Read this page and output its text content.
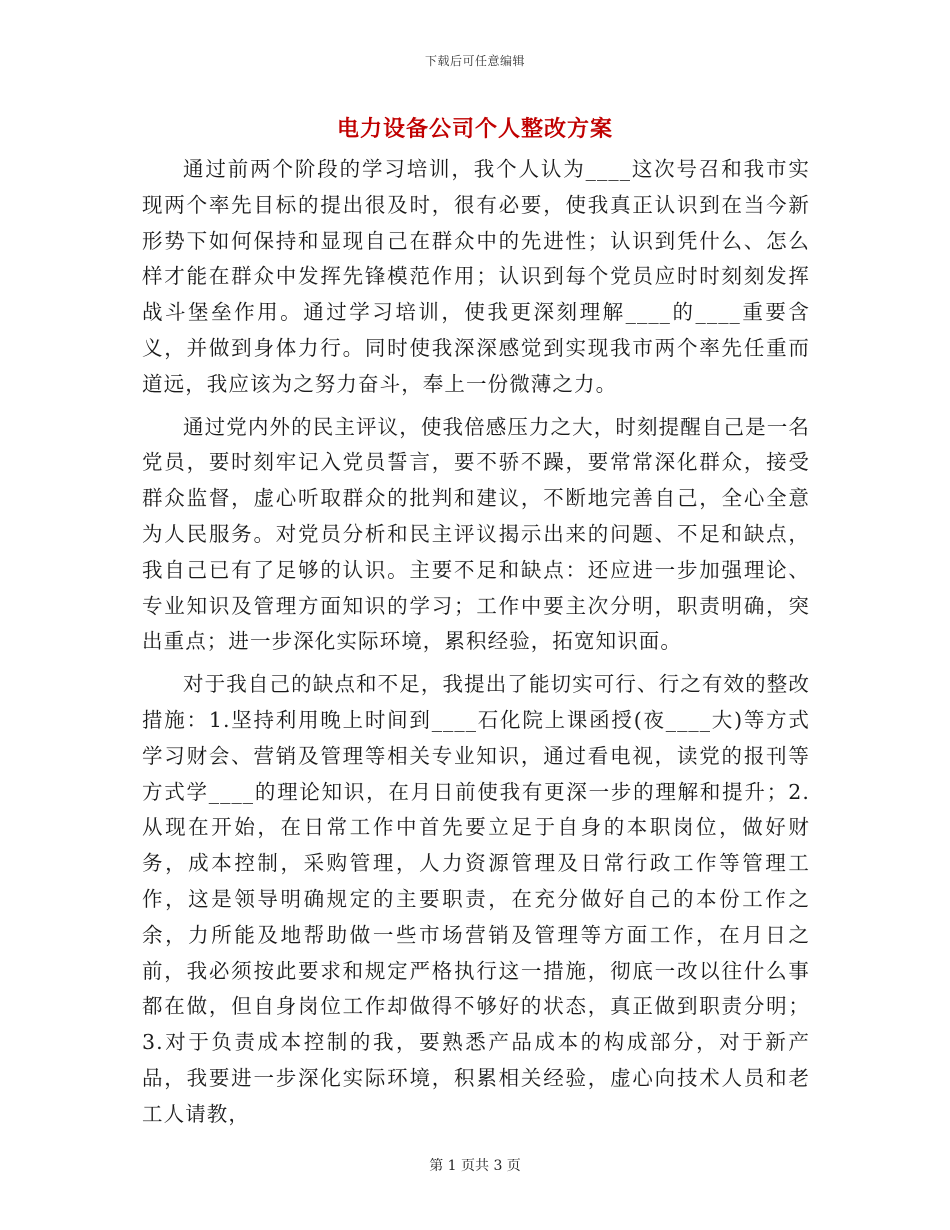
下载后可任意编辑
电力设备公司个人整改方案

通过前两个阶段的学习培训，我个人认为____这次号召和我市实现两个率先目标的提出很及时，很有必要，使我真正认识到在当今新形势下如何保持和显现自己在群众中的先进性；认识到凭什么、怎么样才能在群众中发挥先锋模范作用；认识到每个党员应时时刻刻发挥战斗堡垒作用。通过学习培训，使我更深刻理解____的____重要含义，并做到身体力行。同时使我深深感觉到实现我市两个率先任重而道远，我应该为之努力奋斗，奉上一份微薄之力。

通过党内外的民主评议，使我倍感压力之大，时刻提醒自己是一名党员，要时刻牢记入党员誓言，要不骄不躁，要常常深化群众，接受群众监督，虚心听取群众的批判和建议，不断地完善自己，全心全意为人民服务。对党员分析和民主评议揭示出来的问题、不足和缺点，我自己已有了足够的认识。主要不足和缺点：还应进一步加强理论、专业知识及管理方面知识的学习；工作中要主次分明，职责明确，突出重点；进一步深化实际环境，累积经验，拓宽知识面。

对于我自己的缺点和不足，我提出了能切实可行、行之有效的整改措施：1.坚持利用晚上时间到____石化院上课函授(夜____大)等方式学习财会、营销及管理等相关专业知识，通过看电视，读党的报刊等方式学____的理论知识，在月日前使我有更深一步的理解和提升；2.从现在开始，在日常工作中首先要立足于自身的本职岗位，做好财务，成本控制，采购管理，人力资源管理及日常行政工作等管理工作，这是领导明确规定的主要职责，在充分做好自己的本份工作之余，力所能及地帮助做一些市场营销及管理等方面工作，在月日之前，我必须按此要求和规定严格执行这一措施，彻底一改以往什么事都在做，但自身岗位工作却做得不够好的状态，真正做到职责分明；3.对于负责成本控制的我，要熟悉产品成本的构成部分，对于新产品，我要进一步深化实际环境，积累相关经验，虚心向技术人员和老工人请教，

第 1 页共 3 页
